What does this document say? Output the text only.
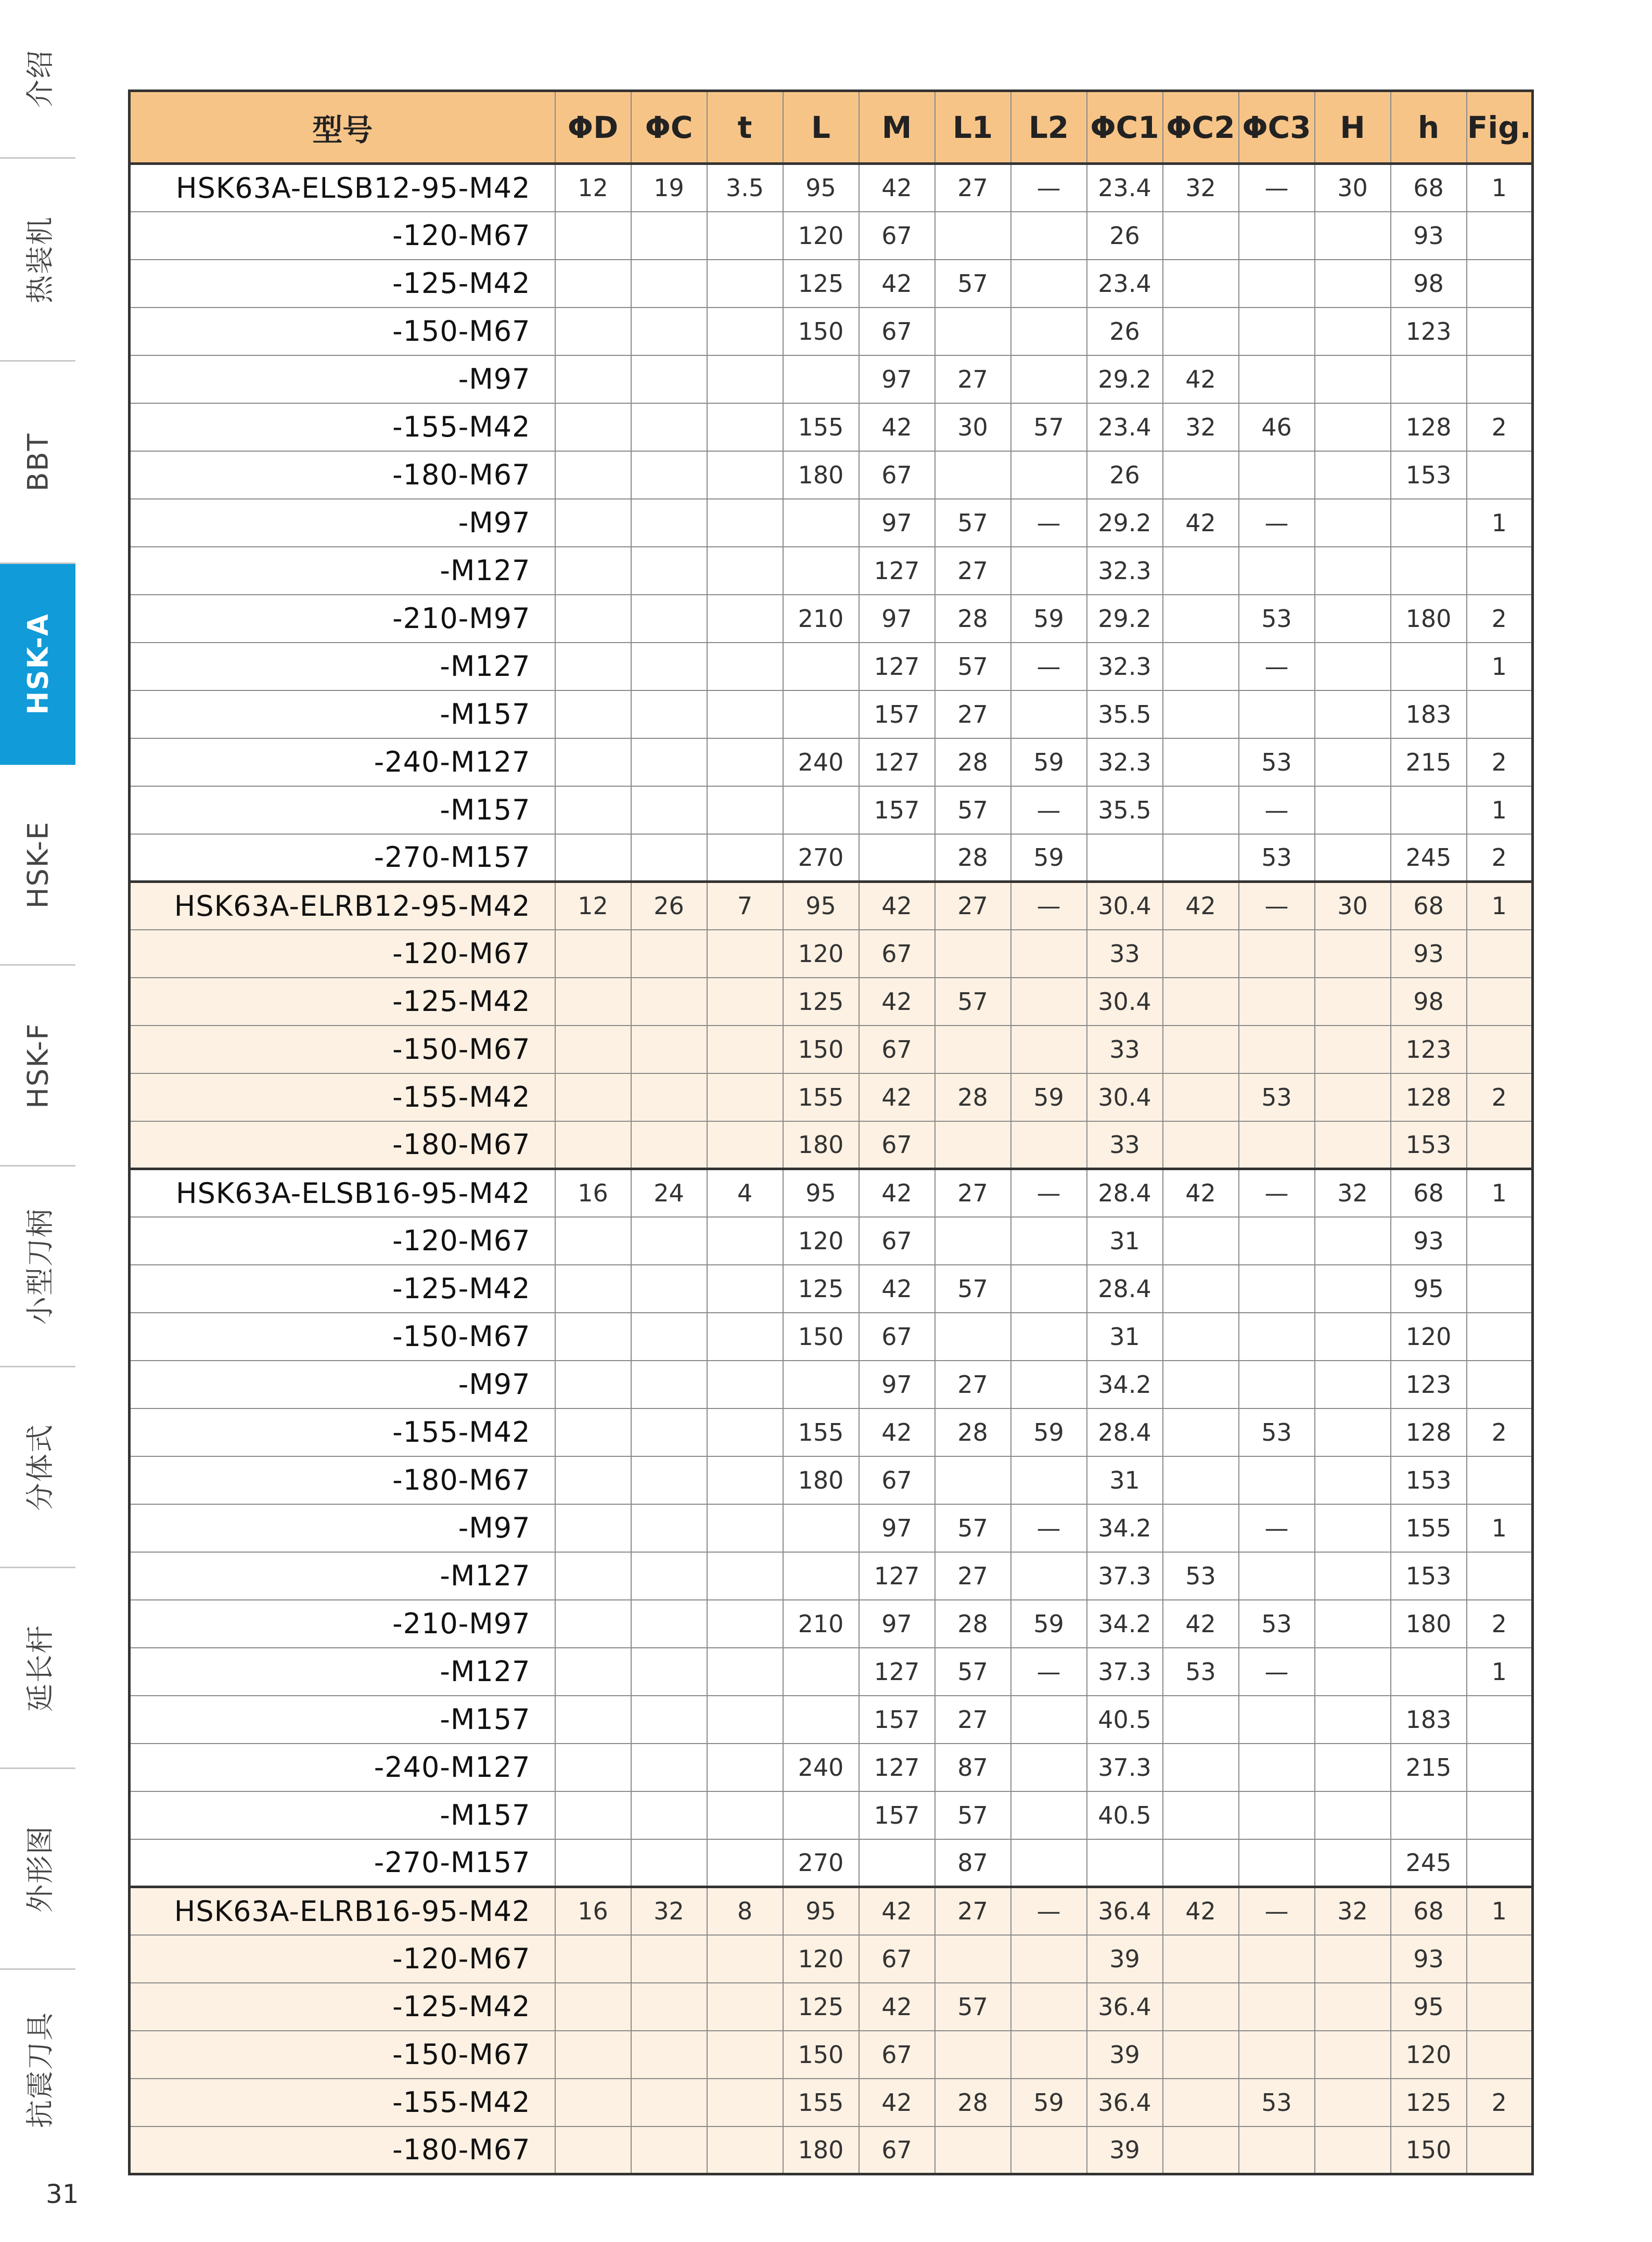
介绍
热装机
BBT
HSK-A
HSK-E
HSK-F
小型刀柄
分体式
延长杆
外形图
抗震刀具
31
型号	ΦD	ΦC	t	L	M	L1	L2	ΦC1	ΦC2	ΦC3	H	h	Fig.
HSK63A-ELSB12-95-M42	12	19	3.5	95	42	27	—	23.4	32	—	30	68	1
-120-M67				120	67			26				93	
-125-M42				125	42	57		23.4				98	
-150-M67				150	67			26				123	
-M97					97	27		29.2	42				
-155-M42				155	42	30	57	23.4	32	46		128	2
-180-M67				180	67			26				153	
-M97					97	57	—	29.2	42	—			1
-M127					127	27		32.3					
-210-M97				210	97	28	59	29.2		53		180	2
-M127					127	57	—	32.3		—			1
-M157					157	27		35.5				183	
-240-M127				240	127	28	59	32.3		53		215	2
-M157					157	57	—	35.5		—			1
-270-M157				270		28	59			53		245	2
HSK63A-ELRB12-95-M42	12	26	7	95	42	27	—	30.4	42	—	30	68	1
-120-M67				120	67			33				93	
-125-M42				125	42	57		30.4				98	
-150-M67				150	67			33				123	
-155-M42				155	42	28	59	30.4		53		128	2
-180-M67				180	67			33				153	
HSK63A-ELSB16-95-M42	16	24	4	95	42	27	—	28.4	42	—	32	68	1
-120-M67				120	67			31				93	
-125-M42				125	42	57		28.4				95	
-150-M67				150	67			31				120	
-M97					97	27		34.2				123	
-155-M42				155	42	28	59	28.4		53		128	2
-180-M67				180	67			31				153	
-M97					97	57	—	34.2		—		155	1
-M127					127	27		37.3	53			153	
-210-M97				210	97	28	59	34.2	42	53		180	2
-M127					127	57	—	37.3	53	—			1
-M157					157	27		40.5				183	
-240-M127				240	127	87		37.3				215	
-M157					157	57		40.5					
-270-M157				270		87						245	
HSK63A-ELRB16-95-M42	16	32	8	95	42	27	—	36.4	42	—	32	68	1
-120-M67				120	67			39				93	
-125-M42				125	42	57		36.4				95	
-150-M67				150	67			39				120	
-155-M42				155	42	28	59	36.4		53		125	2
-180-M67				180	67			39				150	
